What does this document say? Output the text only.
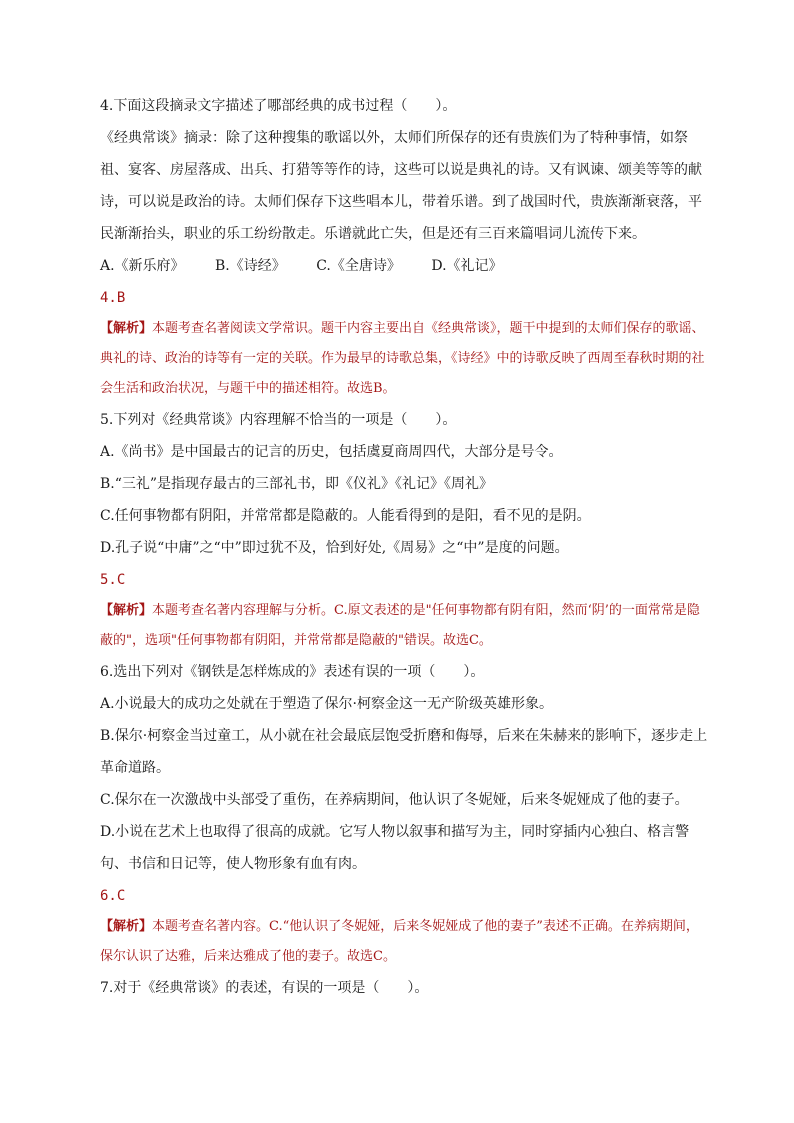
4.下面这段摘录文字描述了哪部经典的成书过程（　　）。
《经典常谈》摘录：除了这种搜集的歌谣以外，太师们所保存的还有贵族们为了特种事情，如祭祖、宴客、房屋落成、出兵、打猎等等作的诗，这些可以说是典礼的诗。又有讽谏、颂美等等的献诗，可以说是政治的诗。太师们保存下这些唱本儿，带着乐谱。到了战国时代，贵族渐渐衰落，平民渐渐抬头，职业的乐工纷纷散走。乐谱就此亡失，但是还有三百来篇唱词儿流传下来。
A.《新乐府》 B.《诗经》 C.《全唐诗》 D.《礼记》
4.B
【解析】本题考查名著阅读文学常识。题干内容主要出自《经典常谈》，题干中提到的太师们保存的歌谣、典礼的诗、政治的诗等有一定的关联。作为最早的诗歌总集，《诗经》中的诗歌反映了西周至春秋时期的社会生活和政治状况，与题干中的描述相符。故选B。
5.下列对《经典常谈》内容理解不恰当的一项是（　　）。
A.《尚书》是中国最古的记言的历史，包括虞夏商周四代，大部分是号令。
B.“三礼”是指现存最古的三部礼书，即《仪礼》《礼记》《周礼》
C.任何事物都有阴阳，并常常都是隐蔽的。人能看得到的是阳，看不见的是阴。
D.孔子说“中庸”之“中”即过犹不及，恰到好处,《周易》之“中”是度的问题。
5.C
【解析】本题考查名著内容理解与分析。C.原文表述的是"任何事物都有阴有阳，然而‘阴’的一面常常是隐蔽的"，选项"任何事物都有阴阳，并常常都是隐蔽的"错误。故选C。
6.选出下列对《钢铁是怎样炼成的》表述有误的一项（　　）。
A.小说最大的成功之处就在于塑造了保尔·柯察金这一无产阶级英雄形象。
B.保尔·柯察金当过童工，从小就在社会最底层饱受折磨和侮辱，后来在朱赫来的影响下，逐步走上革命道路。
C.保尔在一次激战中头部受了重伤，在养病期间，他认识了冬妮娅，后来冬妮娅成了他的妻子。
D.小说在艺术上也取得了很高的成就。它写人物以叙事和描写为主，同时穿插内心独白、格言警句、书信和日记等，使人物形象有血有肉。
6.C
【解析】本题考查名著内容。C.“他认识了冬妮娅，后来冬妮娅成了他的妻子”表述不正确。在养病期间，保尔认识了达雅，后来达雅成了他的妻子。故选C。
7.对于《经典常谈》的表述，有误的一项是（　　）。
